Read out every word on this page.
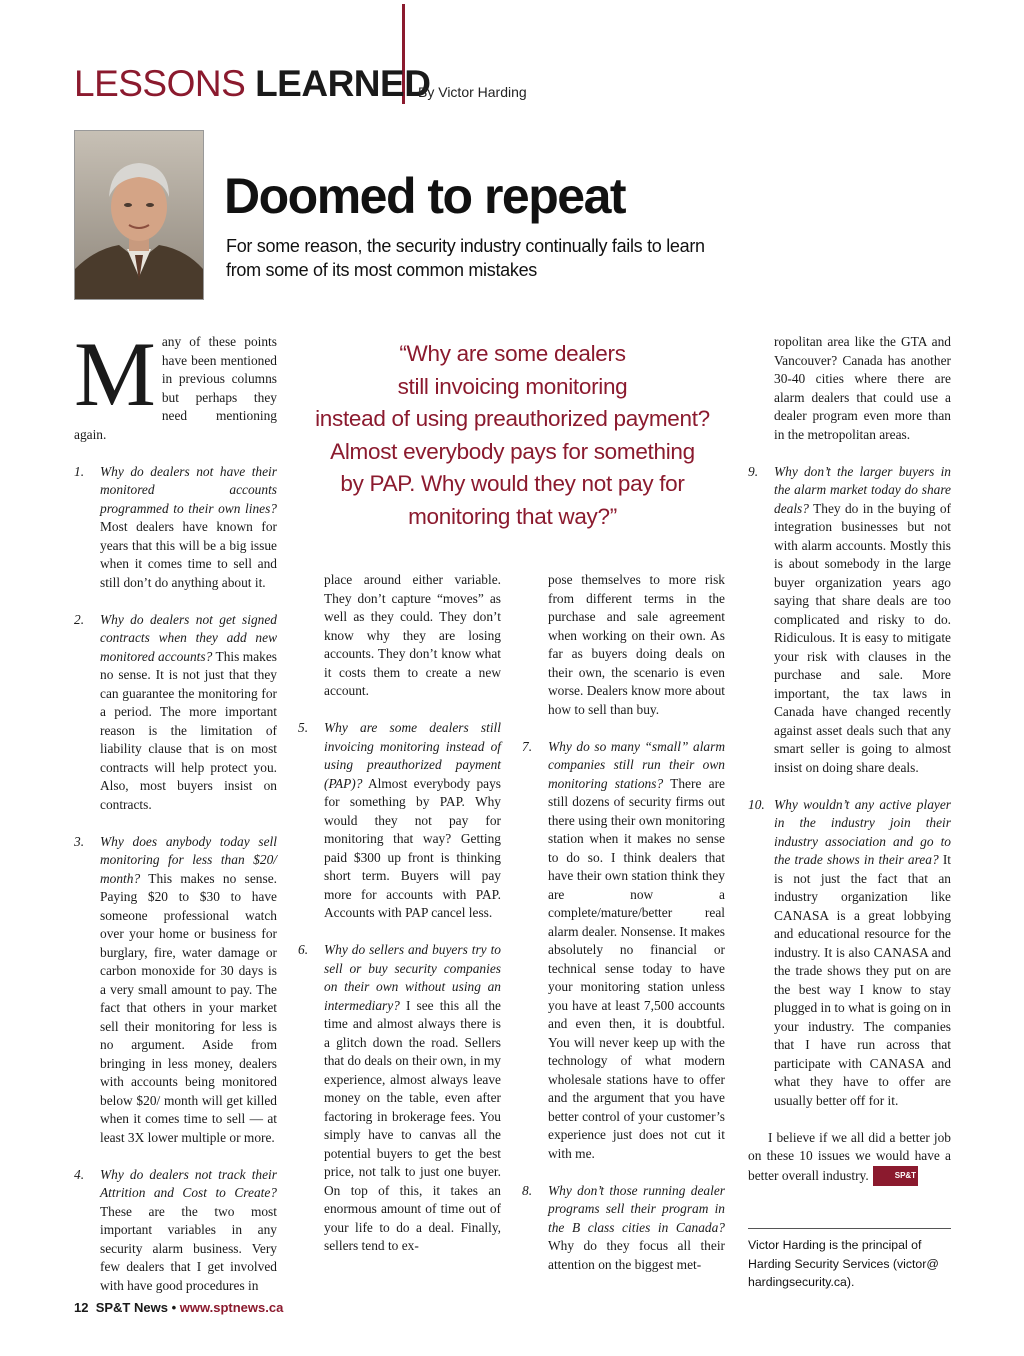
LESSONS LEARNED
By Victor Harding
Doomed to repeat
For some reason, the security industry continually fails to learn
from some of its most common mistakes

Many of these points have been mentioned in previous columns but perhaps they need mentioning again.

1. Why do dealers not have their monitored accounts programmed to their own lines? Most dealers have known for years that this will be a big issue when it comes time to sell and still don’t do anything about it.

2. Why do dealers not get signed contracts when they add new monitored accounts? This makes no sense. It is not just that they can guarantee the monitoring for a period. The more important reason is the limitation of liability clause that is on most contracts will help protect you. Also, most buyers insist on contracts.

3. Why does anybody today sell monitoring for less than $20/ month? This makes no sense. Paying $20 to $30 to have someone professional watch over your home or business for burglary, fire, water damage or carbon monoxide for 30 days is a very small amount to pay. The fact that others in your market sell their monitoring for less is no argument. Aside from bringing in less money, dealers with accounts being monitored below $20/ month will get killed when it comes time to sell — at least 3X lower multiple or more.

4. Why do dealers not track their Attrition and Cost to Create? These are the two most important variables in any security alarm business. Very few dealers that I get involved with have good procedures in

“Why are some dealers
still invoicing monitoring
instead of using preauthorized payment?
Almost everybody pays for something
by PAP. Why would they not pay for
monitoring that way?”

place around either variable. They don’t capture “moves” as well as they could. They don’t know why they are losing accounts. They don’t know what it costs them to create a new account.

5. Why are some dealers still invoicing monitoring instead of using preauthorized payment (PAP)? Almost everybody pays for something by PAP. Why would they not pay for monitoring that way? Getting paid $300 up front is thinking short term. Buyers will pay more for accounts with PAP. Accounts with PAP cancel less.

6. Why do sellers and buyers try to sell or buy security companies on their own without using an intermediary? I see this all the time and almost always there is a glitch down the road. Sellers that do deals on their own, in my experience, almost always leave money on the table, even after factoring in brokerage fees. You simply have to canvas all the potential buyers to get the best price, not talk to just one buyer. On top of this, it takes an enormous amount of time out of your life to do a deal. Finally, sellers tend to ex-

pose themselves to more risk from different terms in the purchase and sale agreement when working on their own. As far as buyers doing deals on their own, the scenario is even worse. Dealers know more about how to sell than buy.

7. Why do so many “small” alarm companies still run their own monitoring stations? There are still dozens of security firms out there using their own monitoring station when it makes no sense to do so. I think dealers that have their own station think they are now a complete/mature/better real alarm dealer. Nonsense. It makes absolutely no financial or technical sense today to have your monitoring station unless you have at least 7,500 accounts and even then, it is doubtful. You will never keep up with the technology of what modern wholesale stations have to offer and the argument that you have better control of your customer’s experience just does not cut it with me.

8. Why don’t those running dealer programs sell their program in the B class cities in Canada? Why do they focus all their attention on the biggest met-

ropolitan area like the GTA and Vancouver? Canada has another 30-40 cities where there are alarm dealers that could use a dealer program even more than in the metropolitan areas.

9. Why don’t the larger buyers in the alarm market today do share deals? They do in the buying of integration businesses but not with alarm accounts. Mostly this is about somebody in the large buyer organization years ago saying that share deals are too complicated and risky to do. Ridiculous. It is easy to mitigate your risk with clauses in the purchase and sale. More important, the tax laws in Canada have changed recently against asset deals such that any smart seller is going to almost insist on doing share deals.

10. Why wouldn’t any active player in the industry join their industry association and go to the trade shows in their area? It is not just the fact that an industry organization like CANASA is a great lobbying and educational resource for the industry. It is also CANASA and the trade shows they put on are the best way I know to stay plugged in to what is going on in your industry. The companies that I have run across that participate with CANASA and what they have to offer are usually better off for it.

I believe if we all did a better job on these 10 issues we would have a better overall industry.	SP&T

Victor Harding is the principal of Harding Security Services (victor@ hardingsecurity.ca).
12 SP&T News • www.sptnews.ca
